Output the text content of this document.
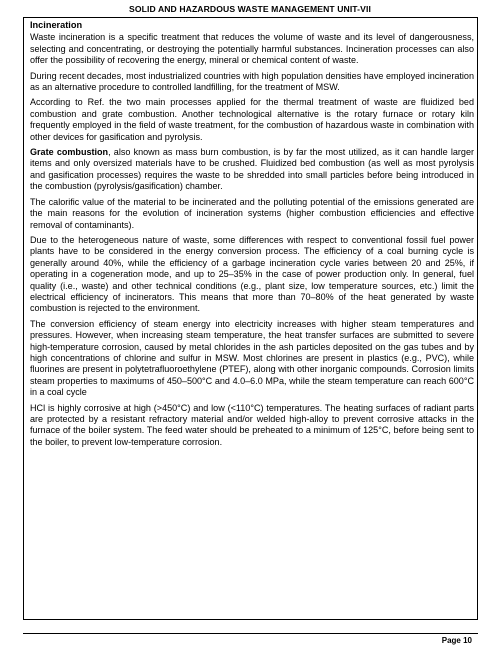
SOLID AND HAZARDOUS WASTE MANAGEMENT UNIT-VII
Incineration

Waste incineration is a specific treatment that reduces the volume of waste and its level of dangerousness, selecting and concentrating, or destroying the potentially harmful substances. Incineration processes can also offer the possibility of recovering the energy, mineral or chemical content of waste.

During recent decades, most industrialized countries with high population densities have employed incineration as an alternative procedure to controlled landfilling, for the treatment of MSW.

According to Ref. the two main processes applied for the thermal treatment of waste are fluidized bed combustion and grate combustion. Another technological alternative is the rotary furnace or rotary kiln frequently employed in the field of waste treatment, for the combustion of hazardous waste in combination with other devices for gasification and pyrolysis.

Grate combustion, also known as mass burn combustion, is by far the most utilized, as it can handle larger items and only oversized materials have to be crushed. Fluidized bed combustion (as well as most pyrolysis and gasification processes) requires the waste to be shredded into small particles before being introduced in the combustion (pyrolysis/gasification) chamber.

The calorific value of the material to be incinerated and the polluting potential of the emissions generated are the main reasons for the evolution of incineration systems (higher combustion efficiencies and effective removal of contaminants).

Due to the heterogeneous nature of waste, some differences with respect to conventional fossil fuel power plants have to be considered in the energy conversion process. The efficiency of a coal burning cycle is generally around 40%, while the efficiency of a garbage incineration cycle varies between 20 and 25%, if operating in a cogeneration mode, and up to 25–35% in the case of power production only. In general, fuel quality (i.e., waste) and other technical conditions (e.g., plant size, low temperature sources, etc.) limit the electrical efficiency of incinerators. This means that more than 70–80% of the heat generated by waste combustion is rejected to the environment.

The conversion efficiency of steam energy into electricity increases with higher steam temperatures and pressures. However, when increasing steam temperature, the heat transfer surfaces are submitted to severe high-temperature corrosion, caused by metal chlorides in the ash particles deposited on the gas tubes and by high concentrations of chlorine and sulfur in MSW. Most chlorines are present in plastics (e.g., PVC), while fluorines are present in polytetrafluoroethylene (PTEF), along with other inorganic compounds. Corrosion limits steam properties to maximums of 450–500°C and 4.0–6.0 MPa, while the steam temperature can reach 600°C in a coal cycle

HCl is highly corrosive at high (>450°C) and low (<110°C) temperatures. The heating surfaces of radiant parts are protected by a resistant refractory material and/or welded high-alloy to prevent corrosive attacks in the furnace of the boiler system. The feed water should be preheated to a minimum of 125°C, before being sent to the boiler, to prevent low-temperature corrosion.

Page 10
